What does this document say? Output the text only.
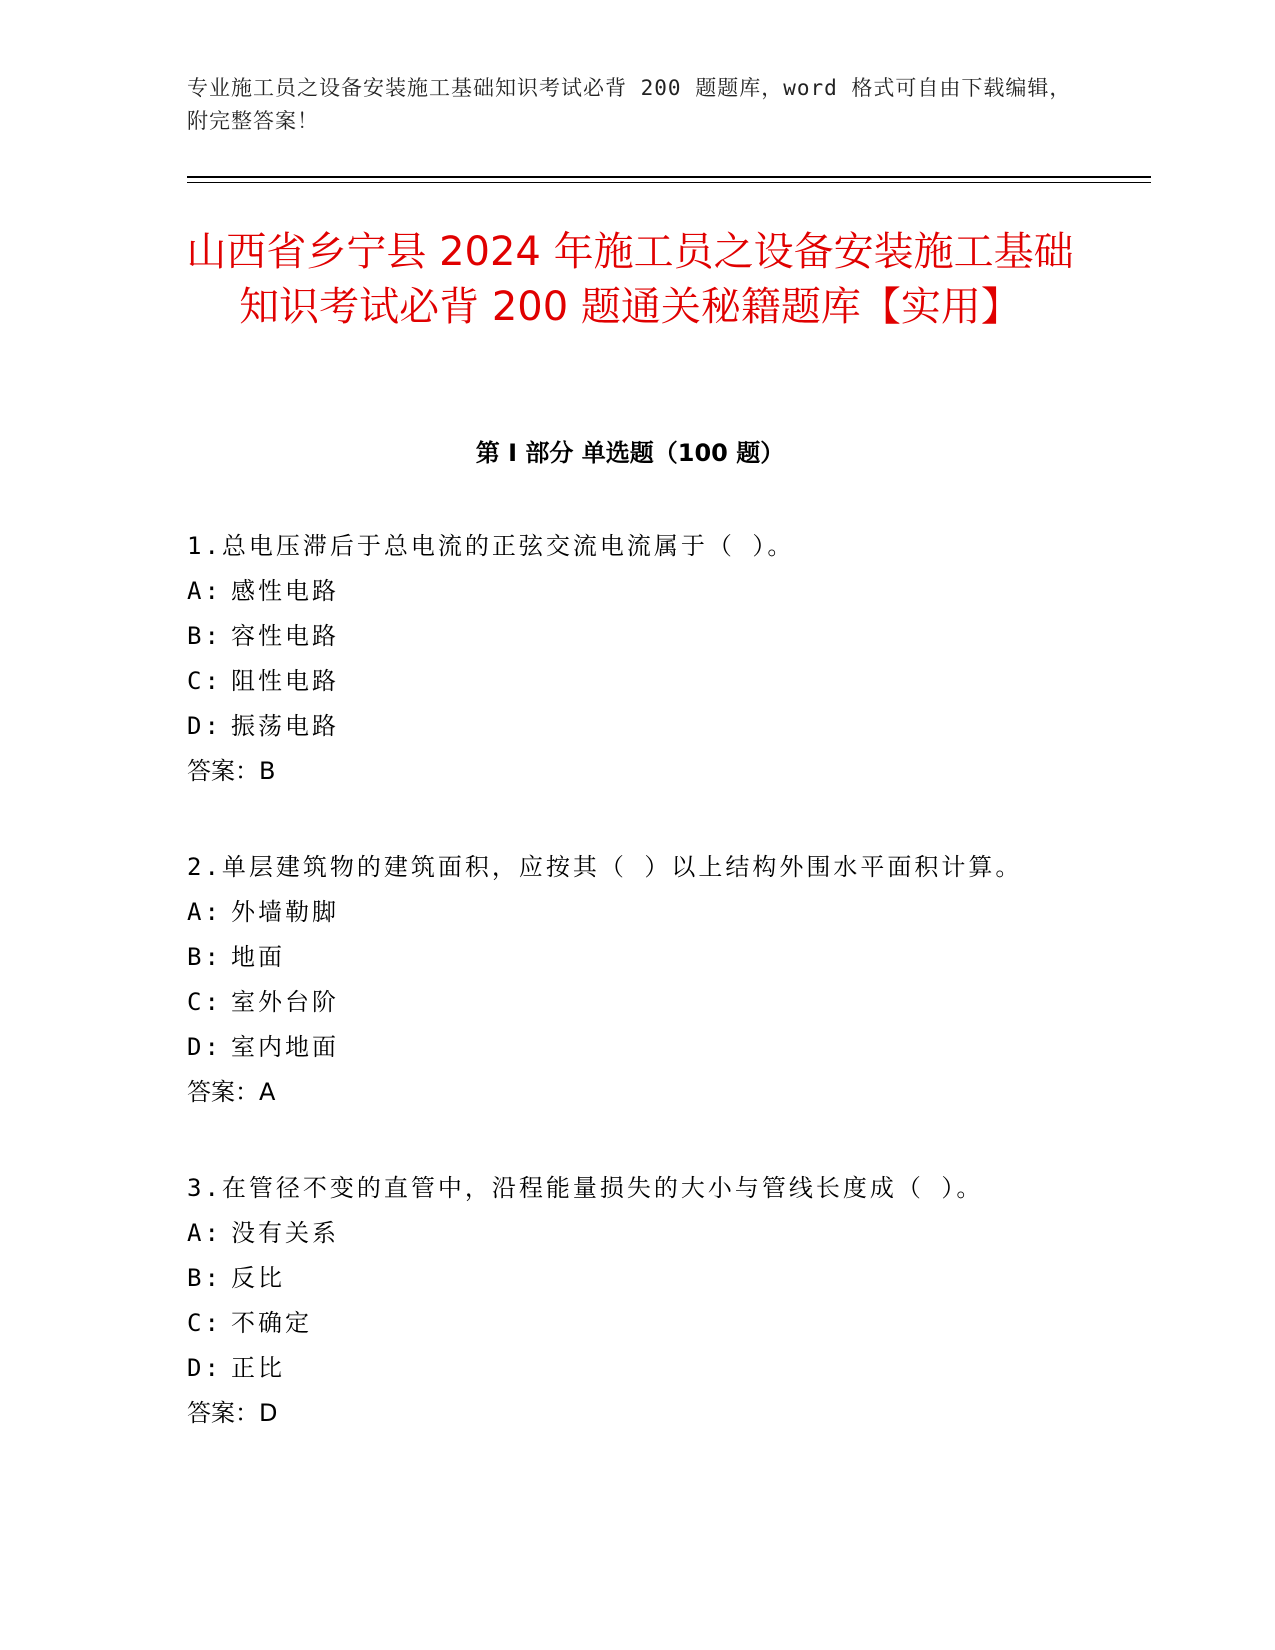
专业施工员之设备安装施工基础知识考试必背 200 题题库，word 格式可自由下载编辑，附完整答案！
山西省乡宁县 2024 年施工员之设备安装施工基础知识考试必背 200 题通关秘籍题库【实用】
第 I 部分 单选题（100 题）
1.总电压滞后于总电流的正弦交流电流属于（ ）。
A: 感性电路
B: 容性电路
C: 阻性电路
D: 振荡电路
答案：B
2.单层建筑物的建筑面积，应按其（ ）以上结构外围水平面积计算。
A: 外墙勒脚
B: 地面
C: 室外台阶
D: 室内地面
答案：A
3.在管径不变的直管中，沿程能量损失的大小与管线长度成（ ）。
A: 没有关系
B: 反比
C: 不确定
D: 正比
答案：D
